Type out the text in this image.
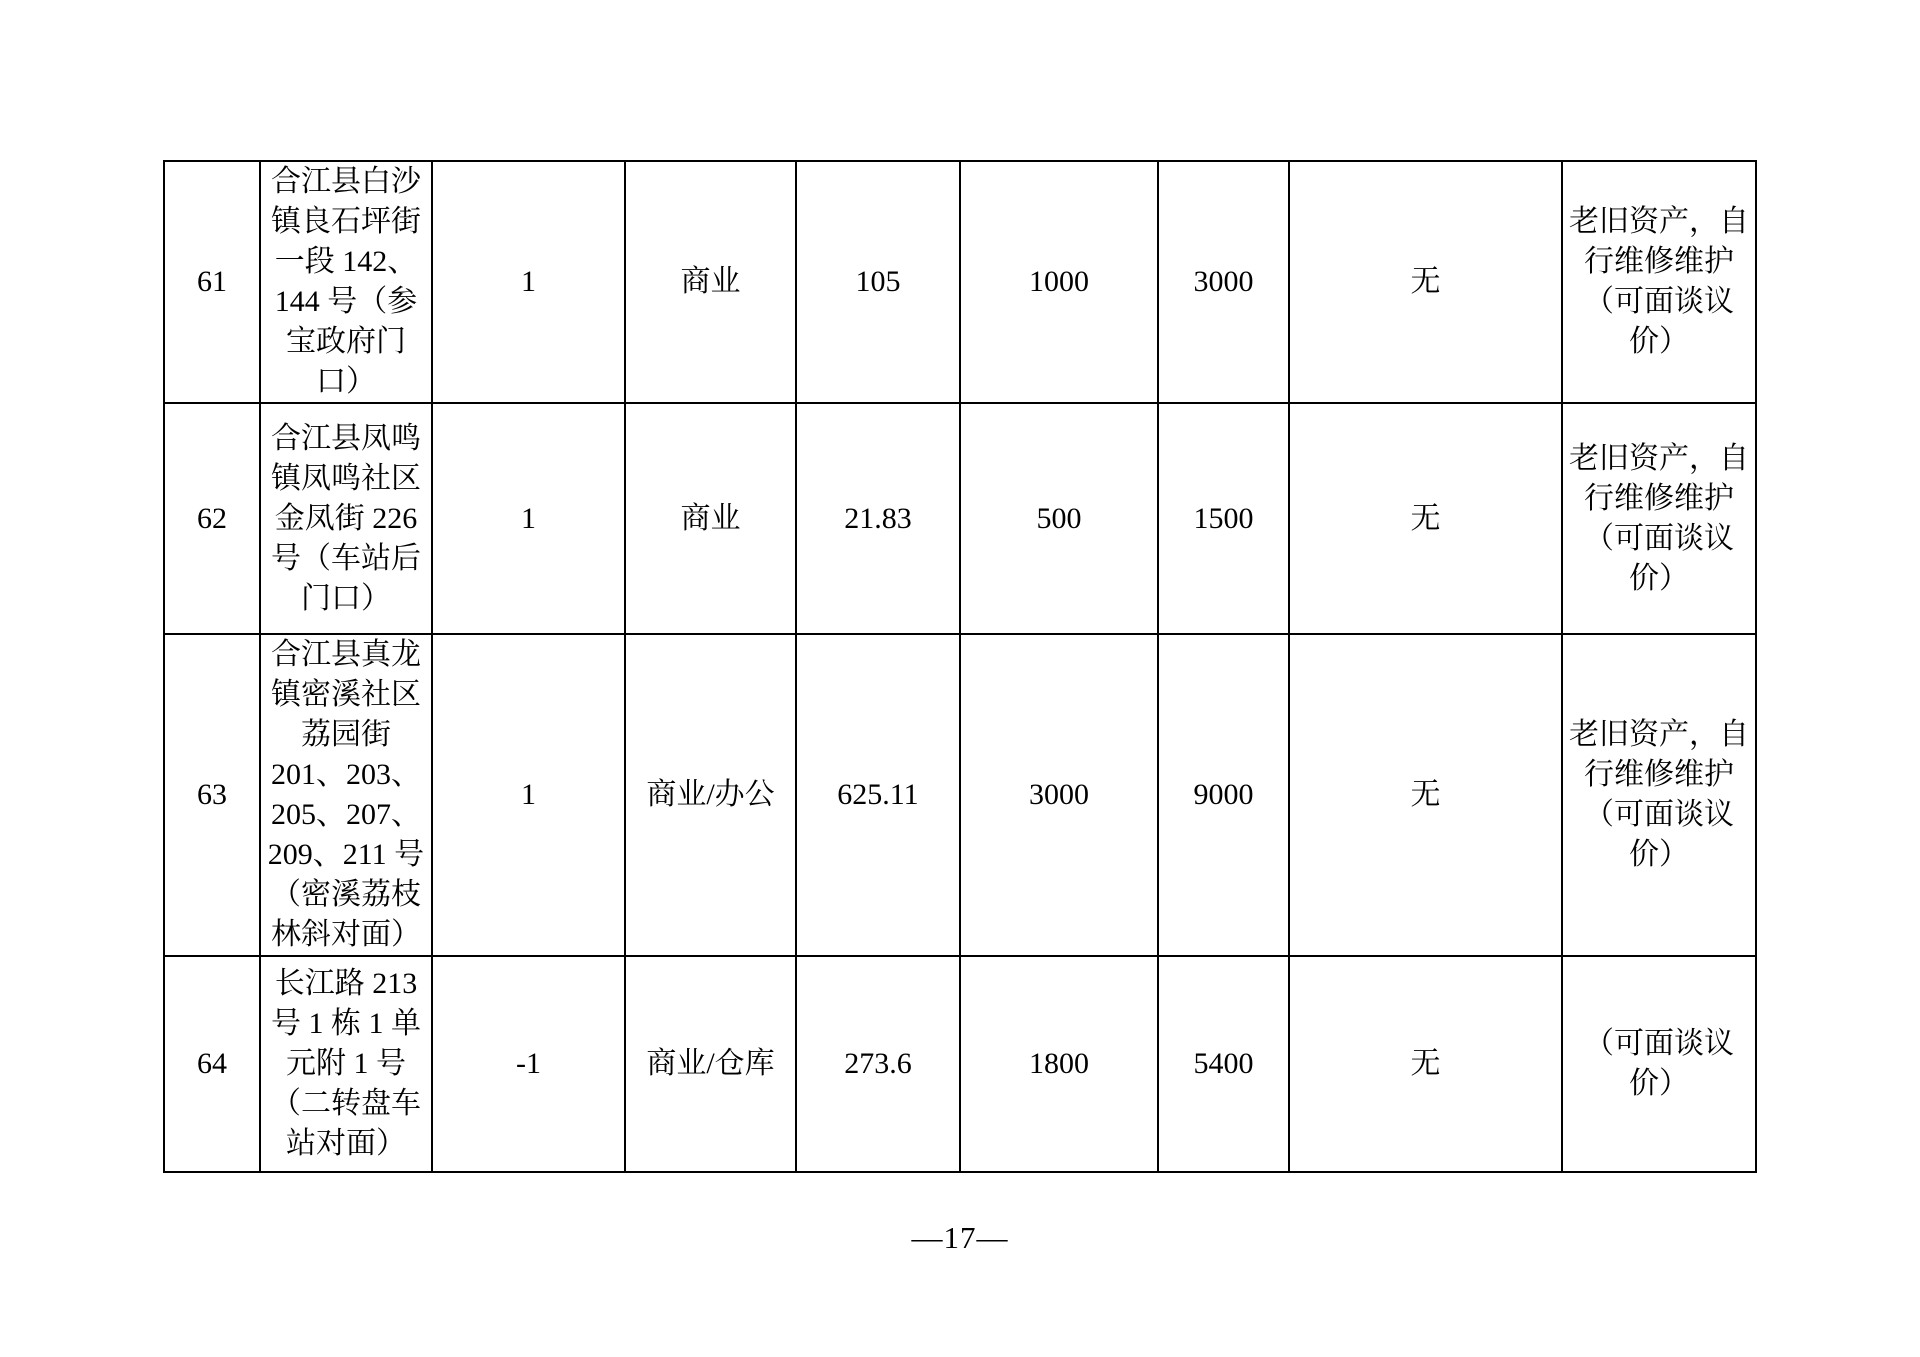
61	合江县白沙镇良石坪街一段 142、144 号（参宝政府门口）	1	商业	105	1000	3000	无	老旧资产，自行维修维护（可面谈议价）
62	合江县凤鸣镇凤鸣社区金凤街 226 号（车站后门口）	1	商业	21.83	500	1500	无	老旧资产，自行维修维护（可面谈议价）
63	合江县真龙镇密溪社区荔园街 201、203、205、207、209、211 号（密溪荔枝林斜对面）	1	商业/办公	625.11	3000	9000	无	老旧资产，自行维修维护（可面谈议价）
64	长江路 213 号 1 栋 1 单元附 1 号（二转盘车站对面）	-1	商业/仓库	273.6	1800	5400	无	（可面谈议价）
—17—
